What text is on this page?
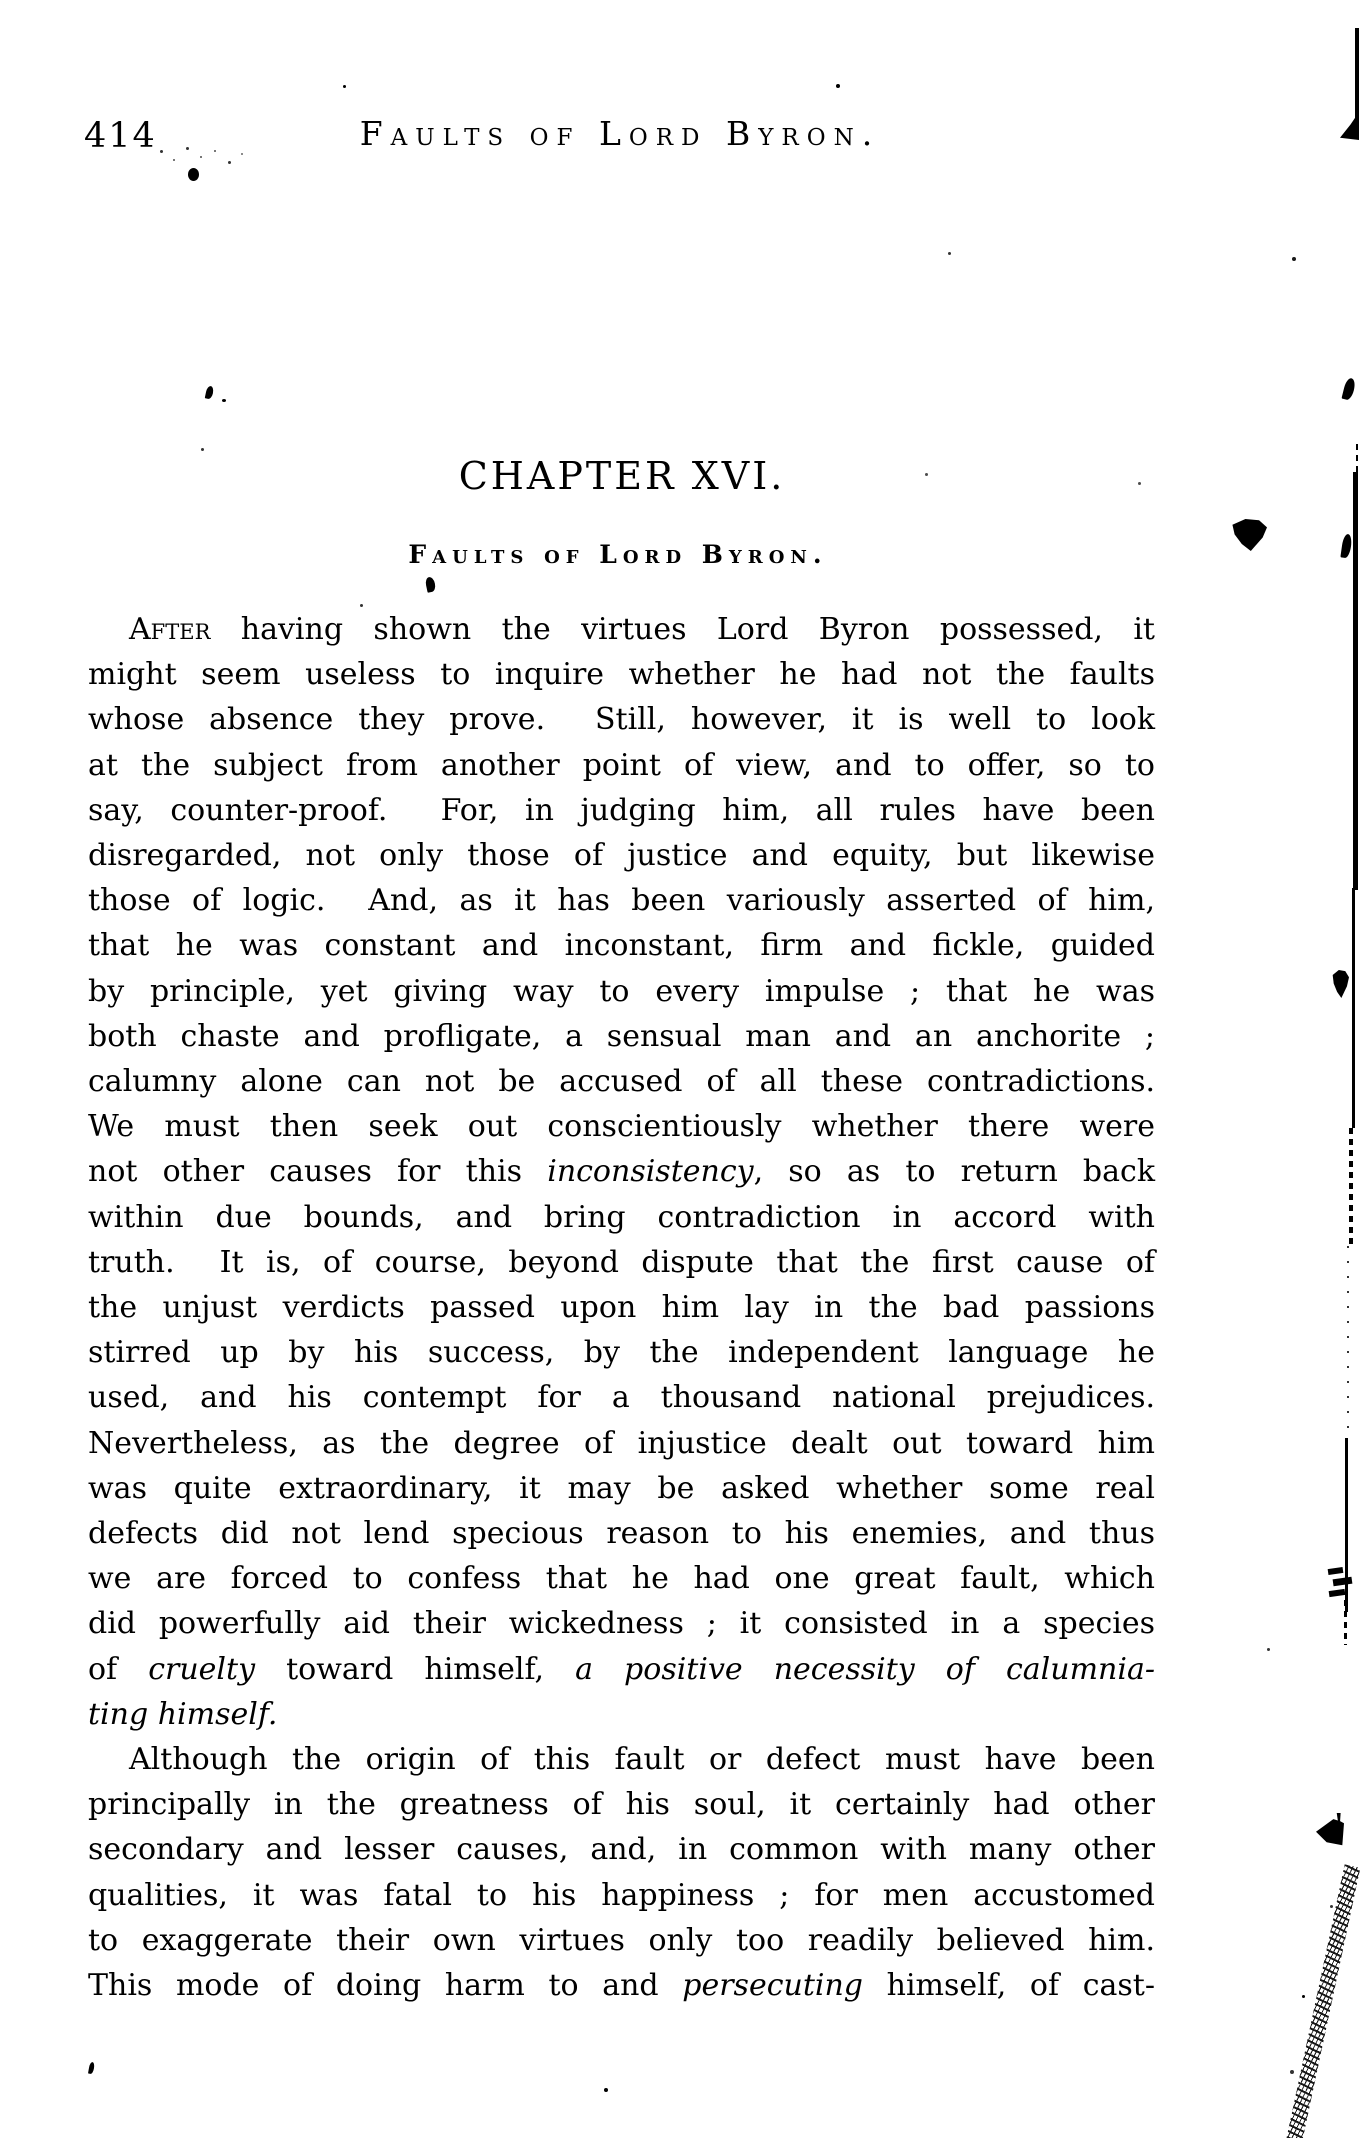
414	Faults of Lord Byron.
CHAPTER XVI.
Faults of Lord Byron.
After having shown the virtues Lord Byron possessed, it
might seem useless to inquire whether he had not the faults
whose absence they prove.  Still, however, it is well to look
at the subject from another point of view, and to offer, so to
say, counter-proof.  For, in judging him, all rules have been
disregarded, not only those of justice and equity, but likewise
those of logic.  And, as it has been variously asserted of him,
that he was constant and inconstant, firm and fickle, guided
by principle, yet giving way to every impulse ; that he was
both chaste and profligate, a sensual man and an anchorite ;
calumny alone can not be accused of all these contradictions.
We must then seek out conscientiously whether there were
not other causes for this inconsistency, so as to return back
within due bounds, and bring contradiction in accord with
truth.  It is, of course, beyond dispute that the first cause of
the unjust verdicts passed upon him lay in the bad passions
stirred up by his success, by the independent language he
used, and his contempt for a thousand national prejudices.
Nevertheless, as the degree of injustice dealt out toward him
was quite extraordinary, it may be asked whether some real
defects did not lend specious reason to his enemies, and thus
we are forced to confess that he had one great fault, which
did powerfully aid their wickedness ; it consisted in a species
of cruelty toward himself, a positive necessity of calumnia-
ting himself.
Although the origin of this fault or defect must have been
principally in the greatness of his soul, it certainly had other
secondary and lesser causes, and, in common with many other
qualities, it was fatal to his happiness ; for men accustomed
to exaggerate their own virtues only too readily believed him.
This mode of doing harm to and persecuting himself, of cast-
